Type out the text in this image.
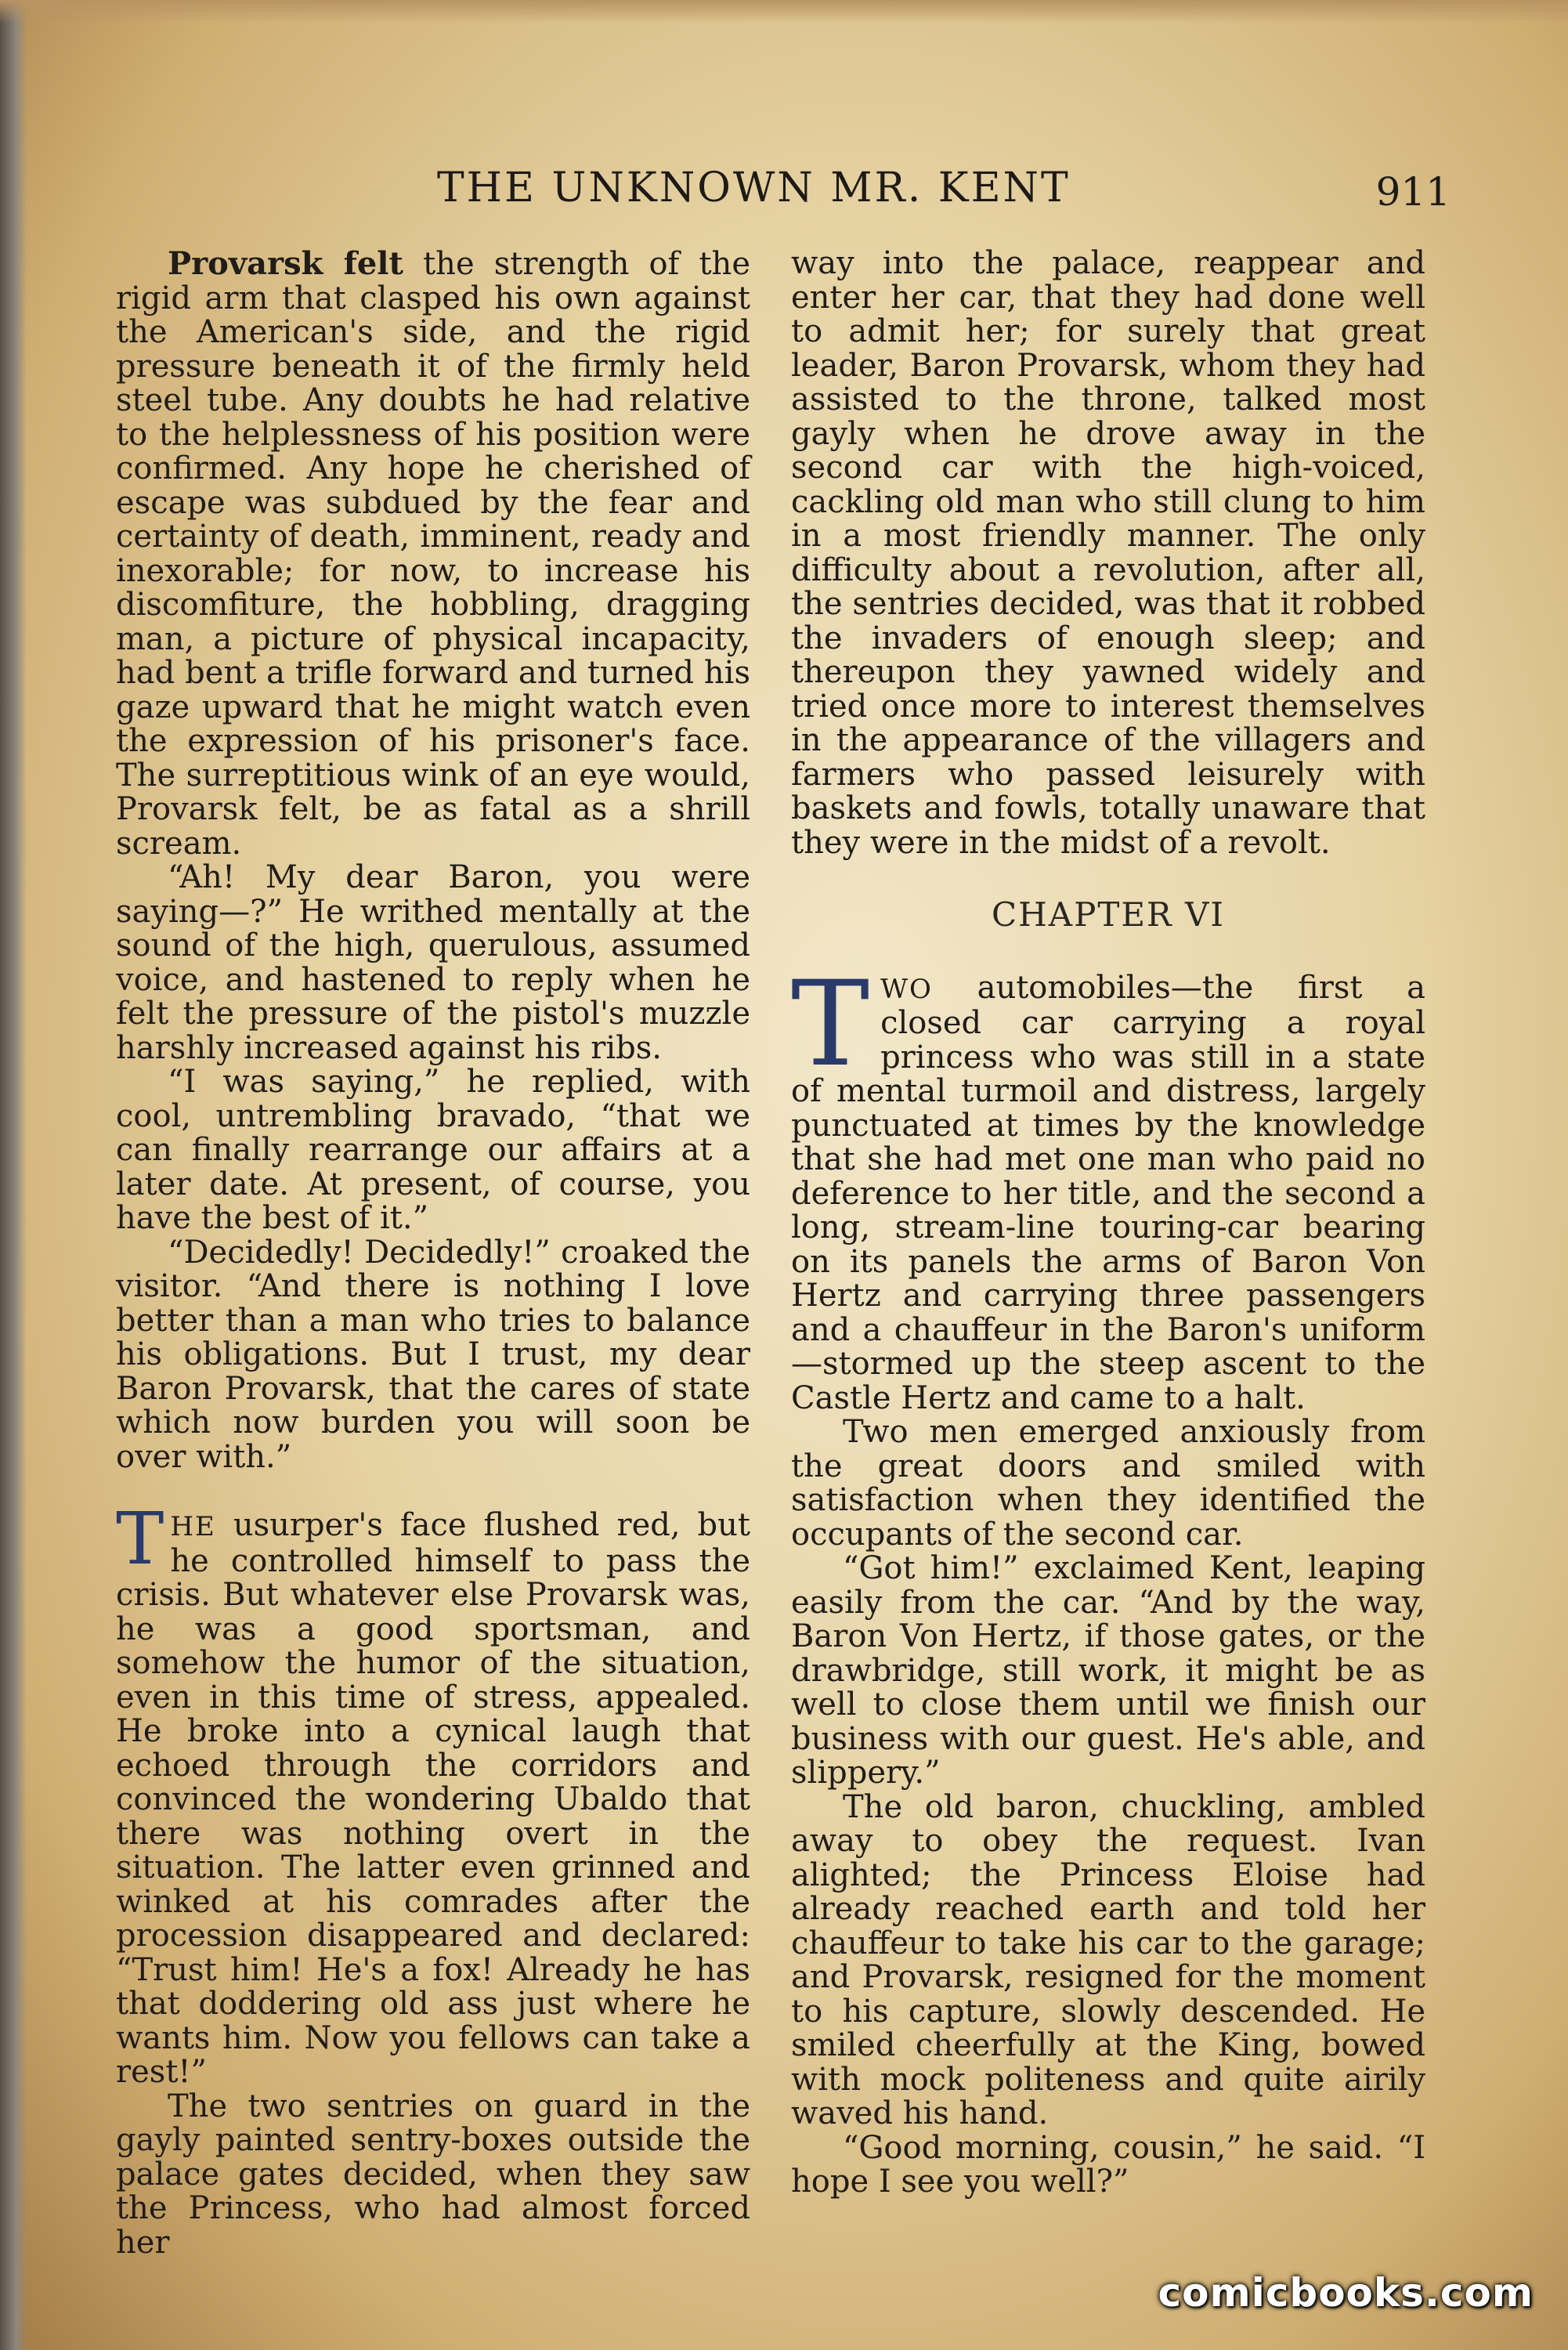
THE UNKNOWN MR. KENT	911

Provarsk felt the strength of the rigid arm that clasped his own against the American's side, and the rigid pressure beneath it of the firmly held steel tube. Any doubts he had relative to the helplessness of his position were confirmed. Any hope he cherished of escape was subdued by the fear and certainty of death, imminent, ready and inexorable; for now, to increase his discomfiture, the hobbling, dragging man, a picture of physical incapacity, had bent a trifle forward and turned his gaze upward that he might watch even the expression of his prisoner's face. The surreptitious wink of an eye would, Provarsk felt, be as fatal as a shrill scream.

“Ah! My dear Baron, you were saying—?” He writhed mentally at the sound of the high, querulous, assumed voice, and hastened to reply when he felt the pressure of the pistol's muzzle harshly increased against his ribs.

“I was saying,” he replied, with cool, untrembling bravado, “that we can finally rearrange our affairs at a later date. At present, of course, you have the best of it.”

“Decidedly! Decidedly!” croaked the visitor. “And there is nothing I love better than a man who tries to balance his obligations. But I trust, my dear Baron Provarsk, that the cares of state which now burden you will soon be over with.”

THE usurper's face flushed red, but he controlled himself to pass the crisis. But whatever else Provarsk was, he was a good sportsman, and somehow the humor of the situation, even in this time of stress, appealed. He broke into a cynical laugh that echoed through the corridors and convinced the wondering Ubaldo that there was nothing overt in the situation. The latter even grinned and winked at his comrades after the procession disappeared and declared: “Trust him! He's a fox! Already he has that doddering old ass just where he wants him. Now you fellows can take a rest!”

The two sentries on guard in the gayly painted sentry-boxes outside the palace gates decided, when they saw the Princess, who had almost forced her

way into the palace, reappear and enter her car, that they had done well to admit her; for surely that great leader, Baron Provarsk, whom they had assisted to the throne, talked most gayly when he drove away in the second car with the high-voiced, cackling old man who still clung to him in a most friendly manner. The only difficulty about a revolution, after all, the sentries decided, was that it robbed the invaders of enough sleep; and thereupon they yawned widely and tried once more to interest themselves in the appearance of the villagers and farmers who passed leisurely with baskets and fowls, totally unaware that they were in the midst of a revolt.

CHAPTER VI

TWO automobiles—the first a closed car carrying a royal princess who was still in a state of mental turmoil and distress, largely punctuated at times by the knowledge that she had met one man who paid no deference to her title, and the second a long, stream-line touring-car bearing on its panels the arms of Baron Von Hertz and carrying three passengers and a chauffeur in the Baron's uniform—stormed up the steep ascent to the Castle Hertz and came to a halt.

Two men emerged anxiously from the great doors and smiled with satisfaction when they identified the occupants of the second car.

“Got him!” exclaimed Kent, leaping easily from the car. “And by the way, Baron Von Hertz, if those gates, or the drawbridge, still work, it might be as well to close them until we finish our business with our guest. He's able, and slippery.”

The old baron, chuckling, ambled away to obey the request. Ivan alighted; the Princess Eloise had already reached earth and told her chauffeur to take his car to the garage; and Provarsk, resigned for the moment to his capture, slowly descended. He smiled cheerfully at the King, bowed with mock politeness and quite airily waved his hand.

“Good morning, cousin,” he said. “I hope I see you well?”

comicbooks.com
